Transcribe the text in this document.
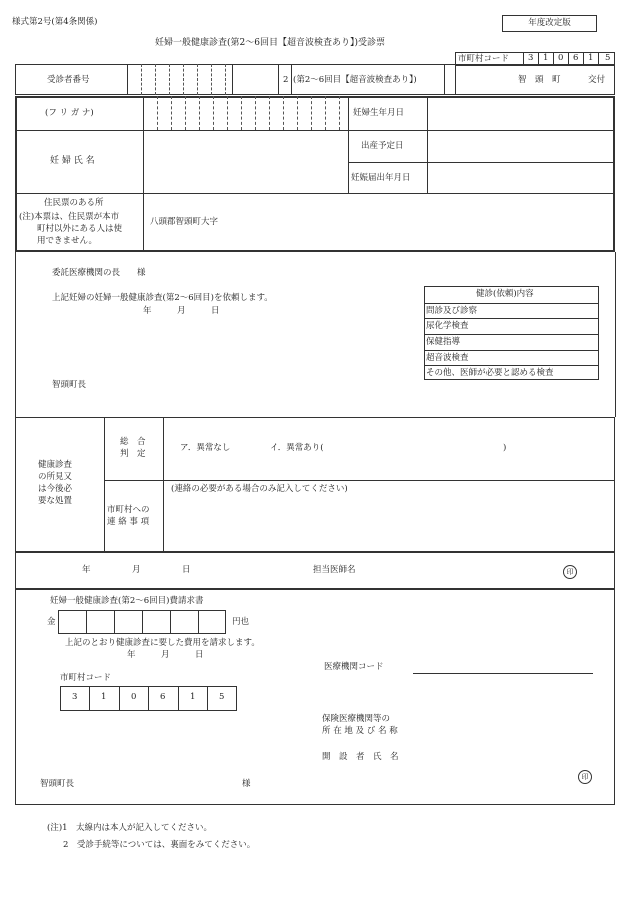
様式第2号(第4条関係)	年度改定版
妊婦一般健康診査(第2～6回目【超音波検査あり】)受診票
市町村コード 3 1 0 6 1 5
受診者番号	2 (第2～6回目【超音波検査あり】)	智　頭　町	交付
(フ リ ガ ナ)	妊婦生年月日
妊 婦 氏 名
出産予定日
妊娠届出年月日
住民票のある所
(注)本票は、住民票が本市
町村以外にある人は使
用できません。
八頭郡智頭町大字
委託医療機関の長　　様
上記妊婦の妊婦一般健康診査(第2～6回目)を依頼します。
年　　　月　　　日
智頭町長
健診(依頼)内容
問診及び診察
尿化学検査
保健指導
超音波検査
その他、医師が必要と認める検査
健康診査
の所見又
は今後必
要な処置
総　合
判　定
ア．異常なし	イ．異常あり(	)
市町村への
連 絡 事 項
(連絡の必要がある場合のみ記入してください)
年	月	日	担当医師名	印
妊婦一般健康診査(第2～6回目)費請求書
金	円也
上記のとおり健康診査に要した費用を請求します。
年　　　月　　　日
医療機関コード
市町村コード
3	1	0	6	1	5
保険医療機関等の
所 在 地 及 び 名 称
開　設　者　氏　名
智頭町長	様
印
(注)1　太線内は本人が記入してください。
2　受診手続等については、裏面をみてください。
